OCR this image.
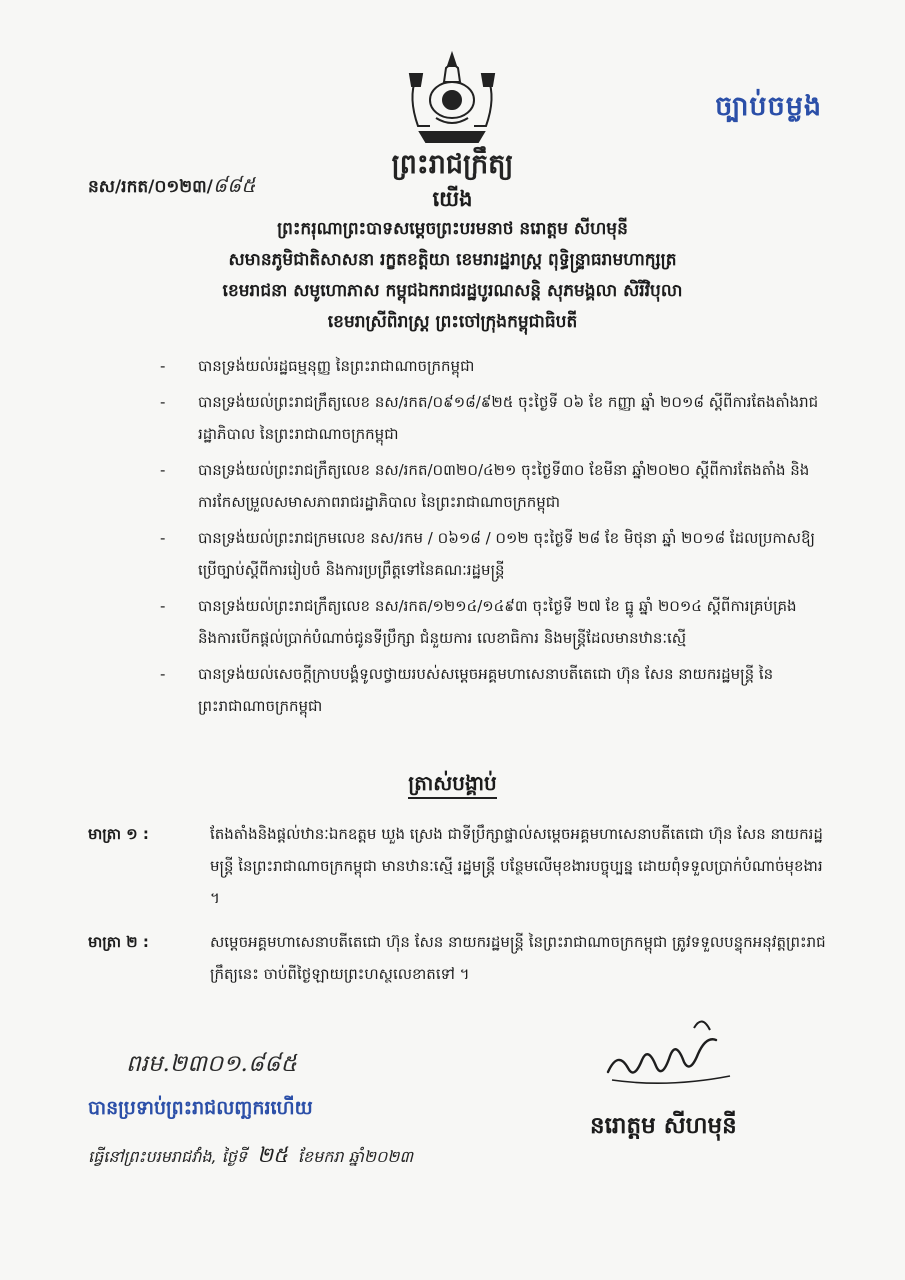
ច្បាប់ចម្លង
នស/រកត/០១២៣/៨៨៥
ព្រះរាជក្រឹត្យ
យើង
ព្រះករុណាព្រះបាទសម្ដេចព្រះបរមនាថ នរោត្តម សីហមុនី
សមានភូមិជាតិសាសនា រក្ខតខត្តិយា ខេមរារដ្ឋរាស្ត្រ ពុទ្ធិន្ទ្រាធរាមហាក្សត្រ
ខេមរាជនា សមូហោភាស កម្ពុជឯករាជរដ្ឋបូរណសន្តិ សុភមង្គលា សិរីវិបុលា
ខេមរាស្រីពិរាស្ត្រ ព្រះចៅក្រុងកម្ពុជាធិបតី
- បានទ្រង់យល់រដ្ឋធម្មនុញ្ញ នៃព្រះរាជាណាចក្រកម្ពុជា
- បានទ្រង់យល់ព្រះរាជក្រឹត្យលេខ នស/រកត/០៩១៨/៩២៥ ចុះថ្ងៃទី ០៦ ខែ កញ្ញា ឆ្នាំ ២០១៨ ស្ដីពីការតែងតាំងរាជរដ្ឋាភិបាល នៃព្រះរាជាណាចក្រកម្ពុជា
- បានទ្រង់យល់ព្រះរាជក្រឹត្យលេខ នស/រកត/០៣២០/៤២១ ចុះថ្ងៃទី៣០ ខែមីនា ឆ្នាំ២០២០ ស្ដីពីការតែងតាំង និងការកែសម្រួលសមាសភាពរាជរដ្ឋាភិបាល នៃព្រះរាជាណាចក្រកម្ពុជា
- បានទ្រង់យល់ព្រះរាជក្រមលេខ នស/រកម / ០៦១៨ / ០១២ ចុះថ្ងៃទី ២៨ ខែ មិថុនា ឆ្នាំ ២០១៨ ដែលប្រកាសឱ្យប្រើច្បាប់ស្ដីពីការរៀបចំ និងការប្រព្រឹត្តទៅនៃគណៈរដ្ឋមន្ត្រី
- បានទ្រង់យល់ព្រះរាជក្រឹត្យលេខ នស/រកត/១២១៤/១៤៩៣ ចុះថ្ងៃទី ២៧ ខែ ធ្នូ ឆ្នាំ ២០១៤ ស្ដីពីការគ្រប់គ្រង និងការបើកផ្ដល់ប្រាក់បំណាច់ជូនទីប្រឹក្សា ជំនួយការ លេខាធិការ និងមន្ត្រីដែលមានឋានៈស្មើ
- បានទ្រង់យល់សេចក្ដីក្រាបបង្គំទូលថ្វាយរបស់សម្ដេចអគ្គមហាសេនាបតីតេជោ ហ៊ុន សែន នាយករដ្ឋមន្ត្រី នៃព្រះរាជាណាចក្រកម្ពុជា
ត្រាស់បង្គាប់
មាត្រា ១ :	តែងតាំងនិងផ្ដល់ឋានៈឯកឧត្ដម ឃួង ស្រេង ជាទីប្រឹក្សាផ្ទាល់សម្ដេចអគ្គមហាសេនាបតីតេជោ ហ៊ុន សែន នាយករដ្ឋមន្ត្រី នៃព្រះរាជាណាចក្រកម្ពុជា មានឋានៈស្មើ រដ្ឋមន្ត្រី បន្ថែមលើមុខងារបច្ចុប្បន្ន ដោយពុំទទួលប្រាក់បំណាច់មុខងារ ។
មាត្រា ២ :	សម្ដេចអគ្គមហាសេនាបតីតេជោ ហ៊ុន សែន នាយករដ្ឋមន្ត្រី នៃព្រះរាជាណាចក្រកម្ពុជា ត្រូវទទួលបន្ទុកអនុវត្តព្រះរាជក្រឹត្យនេះ ចាប់ពីថ្ងៃឡាយព្រះហស្ថលេខាតទៅ ។
ពរម.២៣០១.៨៨៥
បានប្រទាប់ព្រះរាជលញ្ឆករហើយ
ធ្វើនៅព្រះបរមរាជវាំង, ថ្ងៃទី ២៥ ខែមករា ឆ្នាំ២០២៣
នរោត្តម សីហមុនី
